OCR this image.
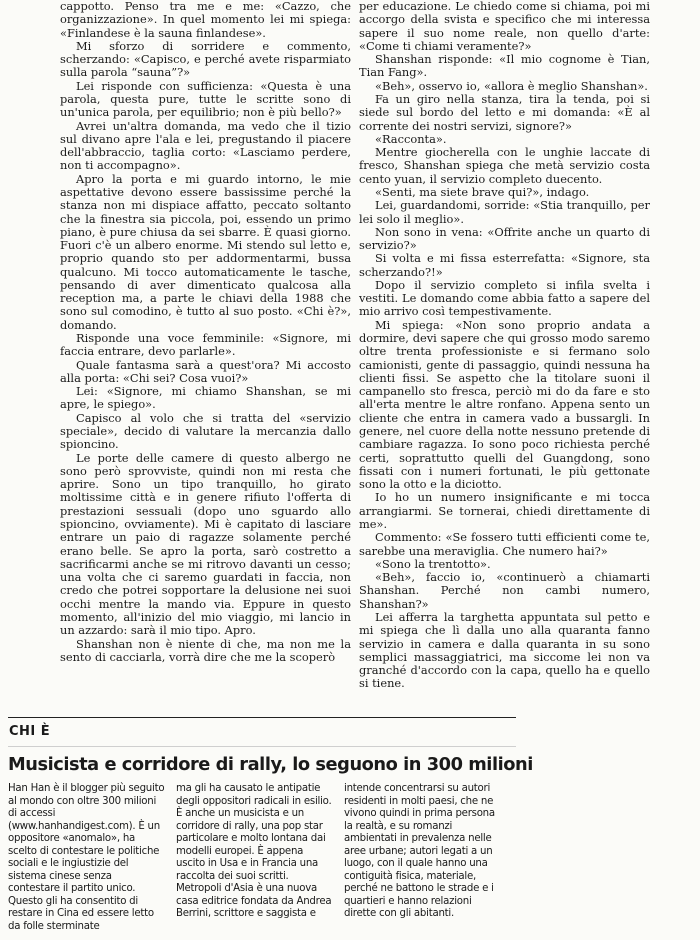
cappotto. Penso tra me e me: «Cazzo, che organizzazione». In quel momento lei mi spiega: «Finlandese è la sauna finlandese».

Mi sforzo di sorridere e commento, scherzando: «Capisco, e perché avete risparmiato sulla parola “sauna”?»

Lei risponde con sufficienza: «Questa è una parola, questa pure, tutte le scritte sono di un'unica parola, per equilibrio; non è più bello?»

Avrei un'altra domanda, ma vedo che il tizio sul divano apre l'ala e lei, pregustando il piacere dell'abbraccio, taglia corto: «Lasciamo perdere, non ti accompagno».

Apro la porta e mi guardo intorno, le mie aspettative devono essere bassissime perché la stanza non mi dispiace affatto, peccato soltanto che la finestra sia piccola, poi, essendo un primo piano, è pure chiusa da sei sbarre. È quasi giorno. Fuori c'è un albero enorme. Mi stendo sul letto e, proprio quando sto per addormentarmi, bussa qualcuno. Mi tocco automaticamente le tasche, pensando di aver dimenticato qualcosa alla reception ma, a parte le chiavi della 1988 che sono sul comodino, è tutto al suo posto. «Chi è?», domando.

Risponde una voce femminile: «Signore, mi faccia entrare, devo parlarle».

Quale fantasma sarà a quest'ora? Mi accosto alla porta: «Chi sei? Cosa vuoi?»

Lei: «Signore, mi chiamo Shanshan, se mi apre, le spiego».

Capisco al volo che si tratta del «servizio speciale», decido di valutare la mercanzia dallo spioncino.

Le porte delle camere di questo albergo ne sono però sprovviste, quindi non mi resta che aprire. Sono un tipo tranquillo, ho girato moltissime città e in genere rifiuto l'offerta di prestazioni sessuali (dopo uno sguardo allo spioncino, ovviamente). Mi è capitato di lasciare entrare un paio di ragazze solamente perché erano belle. Se apro la porta, sarò costretto a sacrificarmi anche se mi ritrovo davanti un cesso; una volta che ci saremo guardati in faccia, non credo che potrei sopportare la delusione nei suoi occhi mentre la mando via. Eppure in questo momento, all'inizio del mio viaggio, mi lancio in un azzardo: sarà il mio tipo. Apro.

Shanshan non è niente di che, ma non me la sento di cacciarla, vorrà dire che me la scoperò

per educazione. Le chiedo come si chiama, poi mi accorgo della svista e specifico che mi interessa sapere il suo nome reale, non quello d'arte: «Come ti chiami veramente?»

Shanshan risponde: «Il mio cognome è Tian, Tian Fang».

«Beh», osservo io, «allora è meglio Shanshan».

Fa un giro nella stanza, tira la tenda, poi si siede sul bordo del letto e mi domanda: «È al corrente dei nostri servizi, signore?»

«Racconta».

Mentre giocherella con le unghie laccate di fresco, Shanshan spiega che metà servizio costa cento yuan, il servizio completo duecento.

«Senti, ma siete brave qui?», indago.

Lei, guardandomi, sorride: «Stia tranquillo, per lei solo il meglio».

Non sono in vena: «Offrite anche un quarto di servizio?»

Si volta e mi fissa esterrefatta: «Signore, sta scherzando?!»

Dopo il servizio completo si infila svelta i vestiti. Le domando come abbia fatto a sapere del mio arrivo così tempestivamente.

Mi spiega: «Non sono proprio andata a dormire, devi sapere che qui grosso modo saremo oltre trenta professioniste e si fermano solo camionisti, gente di passaggio, quindi nessuna ha clienti fissi. Se aspetto che la titolare suoni il campanello sto fresca, perciò mi do da fare e sto all'erta mentre le altre ronfano. Appena sento un cliente che entra in camera vado a bussargli. In genere, nel cuore della notte nessuno pretende di cambiare ragazza. Io sono poco richiesta perché certi, soprattutto quelli del Guangdong, sono fissati con i numeri fortunati, le più gettonate sono la otto e la diciotto.

Io ho un numero insignificante e mi tocca arrangiarmi. Se tornerai, chiedi direttamente di me».

Commento: «Se fossero tutti efficienti come te, sarebbe una meraviglia. Che numero hai?»

«Sono la trentotto».

«Beh», faccio io, «continuerò a chiamarti Shanshan. Perché non cambi numero, Shanshan?»

Lei afferra la targhetta appuntata sul petto e mi spiega che lì dalla uno alla quaranta fanno servizio in camera e dalla quaranta in su sono semplici massaggiatrici, ma siccome lei non va granché d'accordo con la capa, quello ha e quello si tiene.

CHI È
Musicista e corridore di rally, lo seguono in 300 milioni

Han Han è il blogger più seguito al mondo con oltre 300 milioni di accessi (www.hanhandigest.com). È un oppositore «anomalo», ha scelto di contestare le politiche sociali e le ingiustizie del sistema cinese senza contestare il partito unico. Questo gli ha consentito di restare in Cina ed essere letto da folle sterminate

ma gli ha causato le antipatie degli oppositori radicali in esilio. È anche un musicista e un corridore di rally, una pop star particolare e molto lontana dai modelli europei. È appena uscito in Usa e in Francia una raccolta dei suoi scritti. Metropoli d'Asia è una nuova casa editrice fondata da Andrea Berrini, scrittore e saggista e

intende concentrarsi su autori residenti in molti paesi, che ne vivono quindi in prima persona la realtà, e su romanzi ambientati in prevalenza nelle aree urbane; autori legati a un luogo, con il quale hanno una contiguità fisica, materiale, perché ne battono le strade e i quartieri e hanno relazioni dirette con gli abitanti.
